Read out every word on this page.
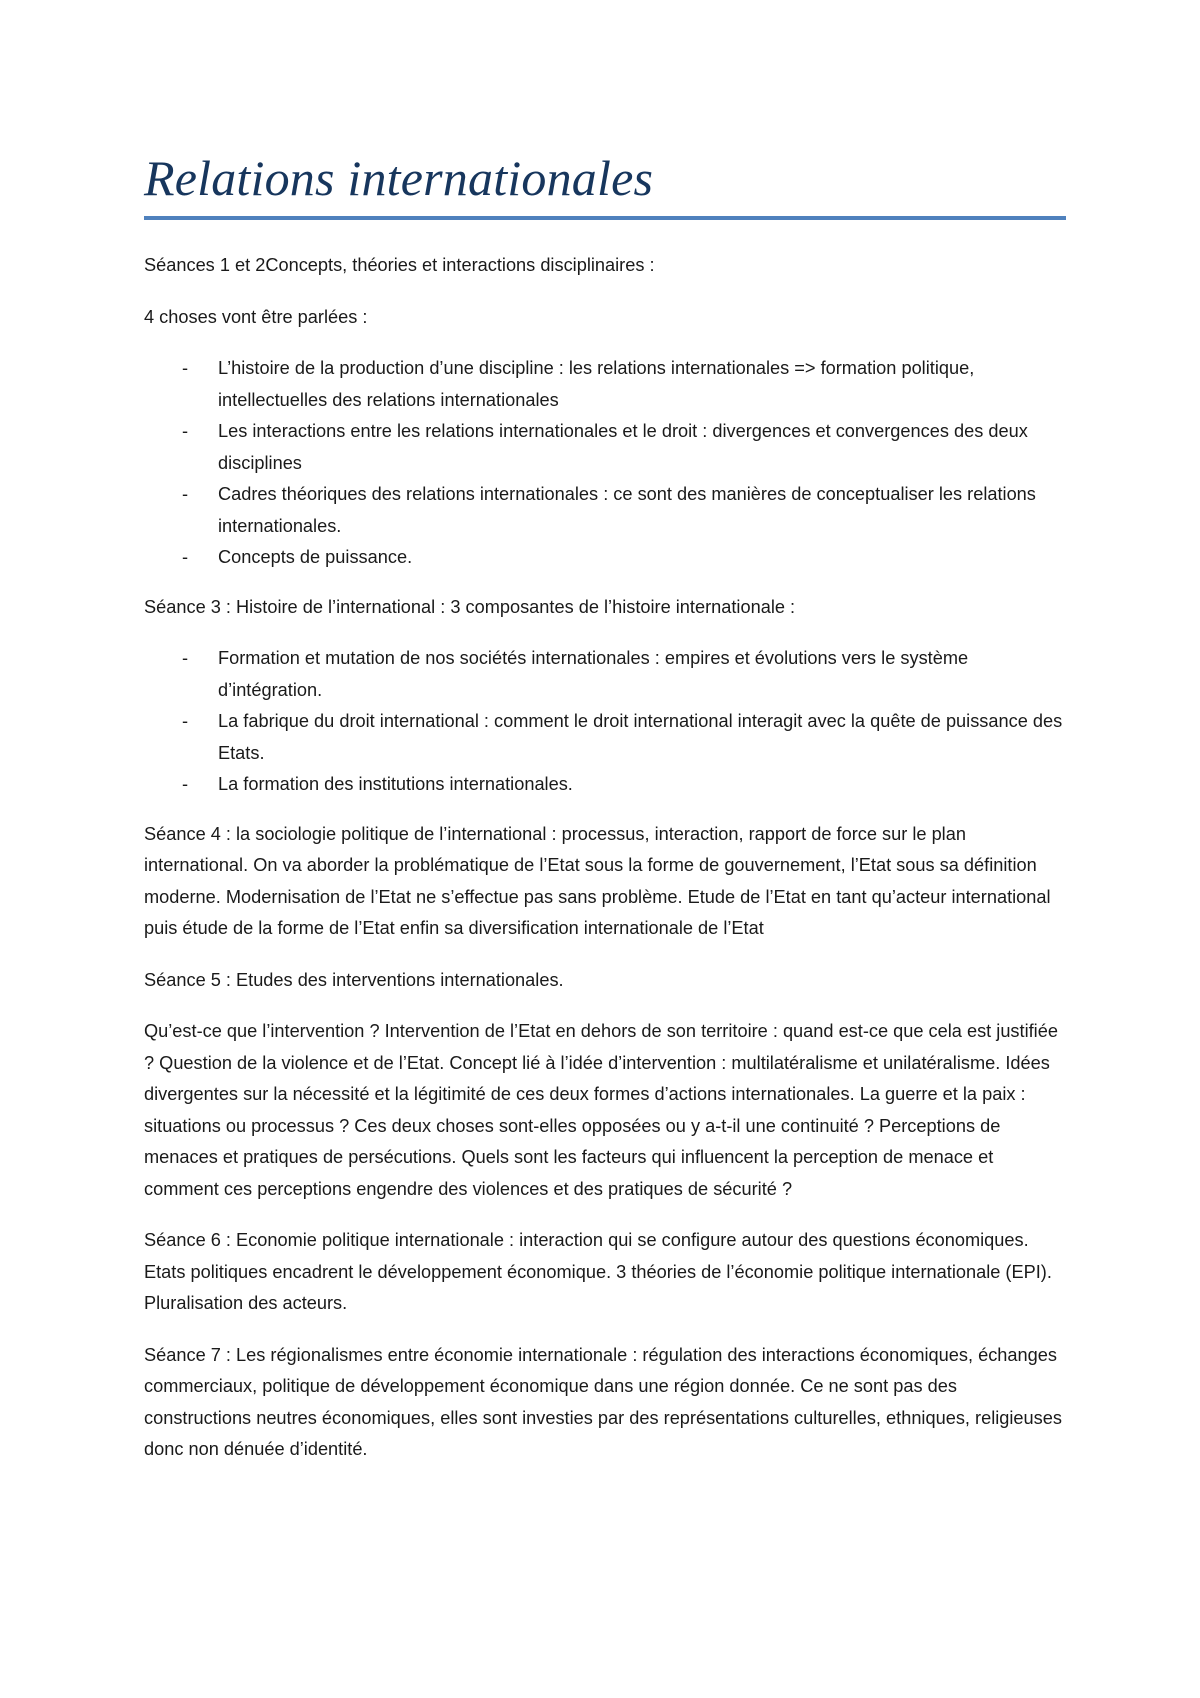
Relations internationales

Séances 1 et 2Concepts, théories et interactions disciplinaires :

4 choses vont être parlées :

- L’histoire de la production d’une discipline : les relations internationales => formation politique, intellectuelles des relations internationales
- Les interactions entre les relations internationales et le droit : divergences et convergences des deux disciplines
- Cadres théoriques des relations internationales : ce sont des manières de conceptualiser les relations internationales.
- Concepts de puissance.

Séance 3 : Histoire de l’international : 3 composantes de l’histoire internationale :

- Formation et mutation de nos sociétés internationales : empires et évolutions vers le système d’intégration.
- La fabrique du droit international : comment le droit international interagit avec la quête de puissance des Etats.
- La formation des institutions internationales.

Séance 4 : la sociologie politique de l’international : processus, interaction, rapport de force sur le plan international. On va aborder la problématique de l’Etat sous la forme de gouvernement, l’Etat sous sa définition moderne. Modernisation de l’Etat ne s’effectue pas sans problème. Etude de l’Etat en tant qu’acteur international puis étude de la forme de l’Etat enfin sa diversification internationale de l’Etat

Séance 5 : Etudes des interventions internationales.

Qu’est-ce que l’intervention ? Intervention de l’Etat en dehors de son territoire : quand est-ce que cela est justifiée ? Question de la violence et de l’Etat. Concept lié à l’idée d’intervention : multilatéralisme et unilatéralisme. Idées divergentes sur la nécessité et la légitimité de ces deux formes d’actions internationales. La guerre et la paix : situations ou processus ? Ces deux choses sont-elles opposées ou y a-t-il une continuité ? Perceptions de menaces et pratiques de persécutions. Quels sont les facteurs qui influencent la perception de menace et comment ces perceptions engendre des violences et des pratiques de sécurité ?

Séance 6 : Economie politique internationale : interaction qui se configure autour des questions économiques. Etats politiques encadrent le développement économique. 3 théories de l’économie politique internationale (EPI). Pluralisation des acteurs.

Séance 7 : Les régionalismes entre économie internationale : régulation des interactions économiques, échanges commerciaux, politique de développement économique dans une région donnée. Ce ne sont pas des constructions neutres économiques, elles sont investies par des représentations culturelles, ethniques, religieuses donc non dénuée d’identité.
